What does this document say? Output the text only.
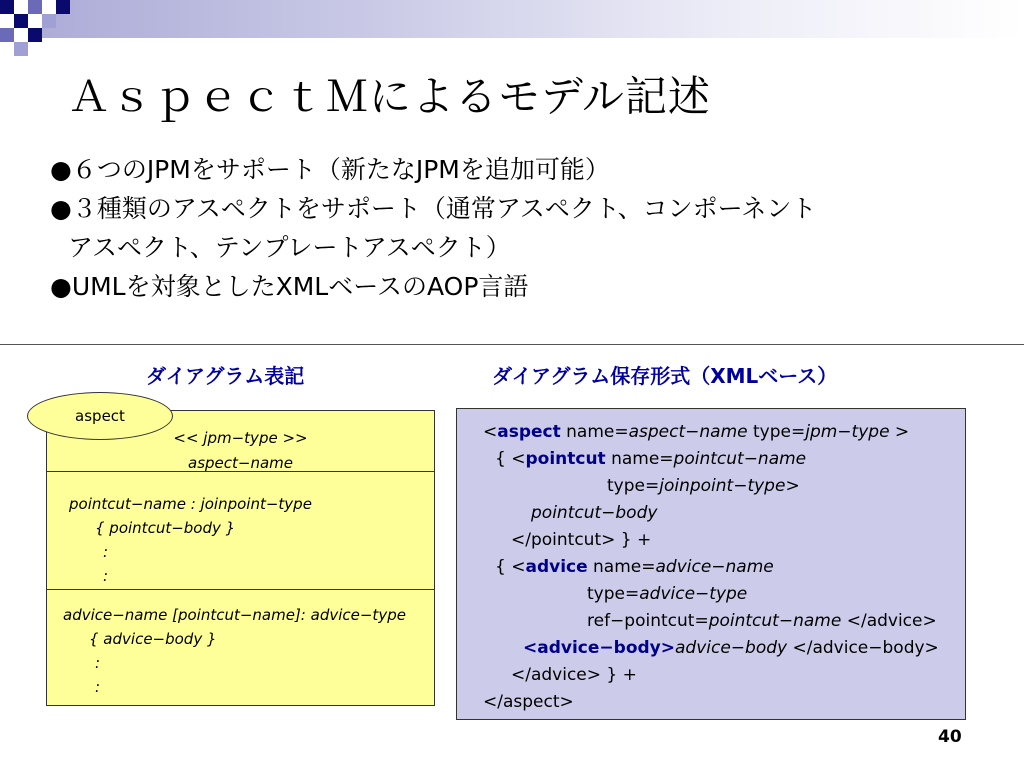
ＡｓｐｅｃｔＭによるモデル記述
●６つのJPMをサポート（新たなJPMを追加可能）
●３種類のアスペクトをサポート（通常アスペクト、コンポーネント
アスペクト、テンプレートアスペクト）
●UMLを対象としたXMLベースのAOP言語
ダイアグラム表記	ダイアグラム保存形式（XMLベース）
<< jpm−type >>
aspect−name
pointcut−name : joinpoint−type
{ pointcut−body }
:
:
advice−name [pointcut−name]: advice−type
{ advice−body }
:
:
aspect
<aspect name=aspect−name type=jpm−type >
{ <pointcut name=pointcut−name
type=joinpoint−type>
pointcut−body
</pointcut> } +
{ <advice name=advice−name
type=advice−type
ref−pointcut=pointcut−name </advice>
<advice−body>advice−body </advice−body>
</advice> } +
</aspect>
40
